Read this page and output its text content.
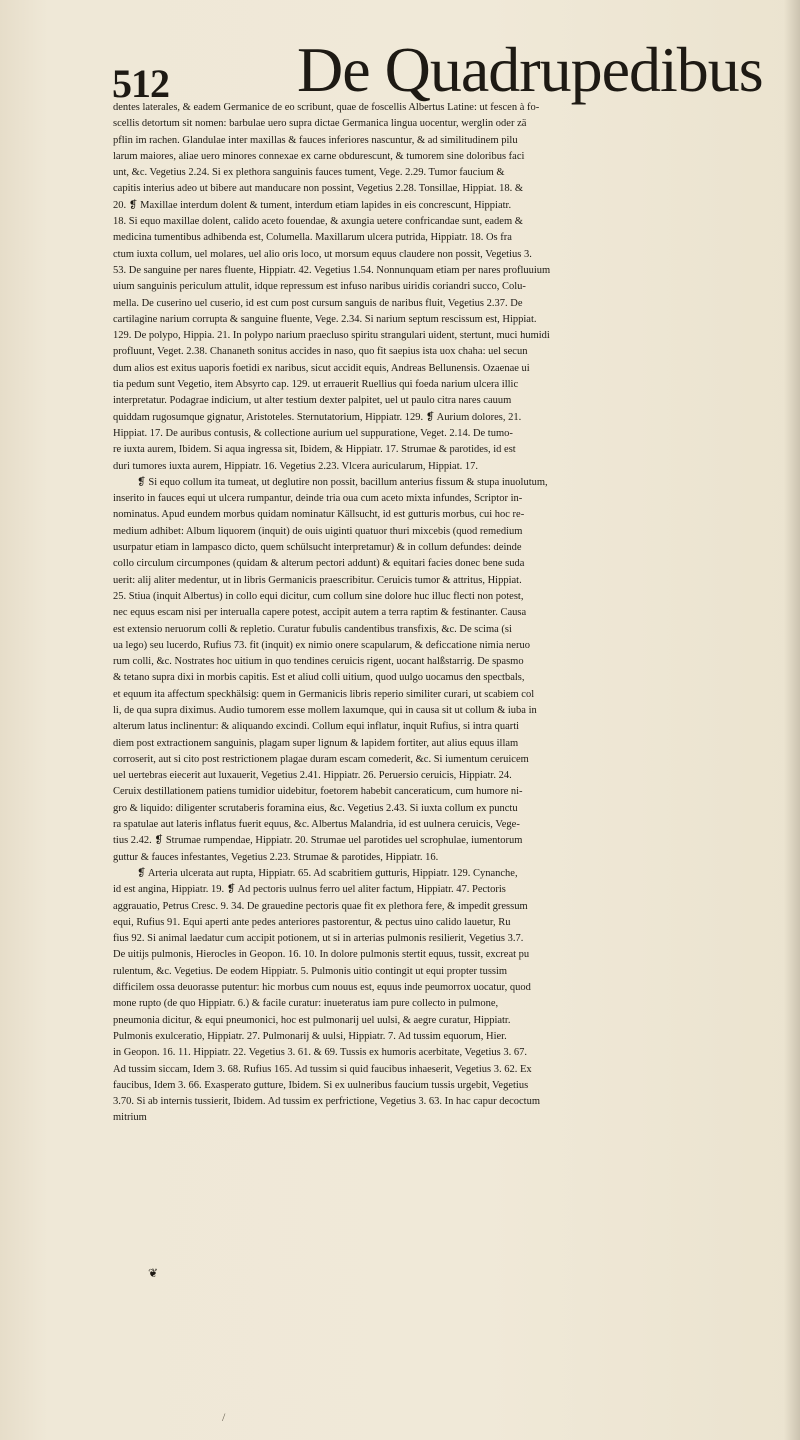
512 De Quadrupedibus
dentes laterales, & eadem Germanice de eo scribunt, quae de foscellis Albertus Latine: ut fescen à fo-
scellis detortum sit nomen: barbulae uero supra dictae Germanica lingua uocentur, werglin oder zä
pflin im rachen. Glandulae inter maxillas & fauces inferiores nascuntur, & ad similitudinem pilu
larum maiores, aliae uero minores connexae ex carne obdurescunt, & tumorem sine doloribus faci
unt, &c. Vegetius 2.24. Si ex plethora sanguinis fauces tument, Vege. 2.29. Tumor faucium &
capitis interius adeo ut bibere aut manducare non possint, Vegetius 2.28. Tonsillae, Hippiat. 18. &
20. ❡ Maxillae interdum dolent & tument, interdum etiam lapides in eis concrescunt, Hippiatr.
18. Si equo maxillae dolent, calido aceto fouendae, & axungia uetere confricandae sunt, eadem &
medicina tumentibus adhibenda est, Columella. Maxillarum ulcera putrida, Hippiatr. 18. Os fra
ctum iuxta collum, uel molares, uel alio oris loco, ut morsum equus claudere non possit, Vegetius 3.
53. De sanguine per nares fluente, Hippiatr. 42. Vegetius 1.54. Nonnunquam etiam per nares profluuium
uium sanguinis periculum attulit, idque repressum est infuso naribus uiridis coriandri succo, Colu-
mella. De cuserino uel cuserio, id est cum post cursum sanguis de naribus fluit, Vegetius 2.37. De
cartilagine narium corrupta & sanguine fluente, Vege. 2.34. Si narium septum rescissum est, Hippiat.
129. De polypo, Hippia. 21. In polypo narium praecluso spiritu strangulari uident, stertunt, muci humidi
profluunt, Veget. 2.38. Chananeth sonitus accides in naso, quo fit saepius ista uox chaha: uel secun
dum alios est exitus uaporis foetidi ex naribus, sicut accidit equis, Andreas Bellunensis. Ozaenae ui
tia pedum sunt Vegetio, item Absyrto cap. 129. ut errauerit Ruellius qui foeda narium ulcera illic
interpretatur. Podagrae indicium, ut alter testium dexter palpitet, uel ut paulo citra nares cauum
quiddam rugosumque gignatur, Aristoteles. Sternutatorium, Hippiatr. 129. ❡ Aurium dolores, 21.
Hippiat. 17. De auribus contusis, & collectione aurium uel suppuratione, Veget. 2.14. De tumo-
re iuxta aurem, Ibidem. Si aqua ingressa sit, Ibidem, & Hippiatr. 17. Strumae & parotides, id est
duri tumores iuxta aurem, Hippiatr. 16. Vegetius 2.23. Vlcera auricularum, Hippiat. 17.
❡ Si equo collum ita tumeat, ut deglutire non possit, bacillum anterius fissum & stupa inuolutum,
inserito in fauces equi ut ulcera rumpantur, deinde tria oua cum aceto mixta infundes, Scriptor in-
nominatus. Apud eundem morbus quidam nominatur Källsucht, id est gutturis morbus, cui hoc re-
medium adhibet: Album liquorem (inquit) de ouis uiginti quatuor thuri mixcebis (quod remedium
usurpatur etiam in lampasco dicto, quem schülsucht interpretamur) & in collum defundes: deinde
collo circulum circumpones (quidam & alterum pectori addunt) & equitari facies donec bene suda
uerit: alij aliter medentur, ut in libris Germanicis praescribitur. Ceruicis tumor & attritus, Hippiat.
25. Stiua (inquit Albertus) in collo equi dicitur, cum collum sine dolore huc illuc flecti non potest,
nec equus escam nisi per interualla capere potest, accipit autem a terra raptim & festinanter. Causa
est extensio neruorum colli & repletio. Curatur fubulis candentibus transfixis, &c. De scima (si
ua lego) seu lucerdo, Rufius 73. fit (inquit) ex nimio onere scapularum, & deficcatione nimia neruo
rum colli, &c. Nostrates hoc uitium in quo tendines ceruicis rigent, uocant halßstarrig. De spasmo
& tetano supra dixi in morbis capitis. Est et aliud colli uitium, quod uulgo uocamus den spectbals,
et equum ita affectum speckhälsig: quem in Germanicis libris reperio similiter curari, ut scabiem col
li, de qua supra diximus. Audio tumorem esse mollem laxumque, qui in causa sit ut collum & iuba in
alterum latus inclinentur: & aliquando excindi. Collum equi inflatur, inquit Rufius, si intra quarti
diem post extractionem sanguinis, plagam super lignum & lapidem fortiter, aut alius equus illam
corroserit, aut si cito post restrictionem plagae duram escam comederit, &c. Si iumentum ceruicem
uel uertebras eiecerit aut luxauerit, Vegetius 2.41. Hippiatr. 26. Peruersio ceruicis, Hippiatr. 24.
Ceruix destillationem patiens tumidior uidebitur, foetorem habebit canceraticum, cum humore ni-
gro & liquido: diligenter scrutaberis foramina eius, &c. Vegetius 2.43. Si iuxta collum ex punctu
ra spatulae aut lateris inflatus fuerit equus, &c. Albertus Malandria, id est uulnera ceruicis, Vege-
tius 2.42. ❡ Strumae rumpendae, Hippiatr. 20. Strumae uel parotides uel scrophulae, iumentorum
guttur & fauces infestantes, Vegetius 2.23. Strumae & parotides, Hippiatr. 16.
❡ Arteria ulcerata aut rupta, Hippiatr. 65. Ad scabritiem gutturis, Hippiatr. 129. Cynanche,
id est angina, Hippiatr. 19. ❡ Ad pectoris uulnus ferro uel aliter factum, Hippiatr. 47. Pectoris
aggrauatio, Petrus Cresc. 9. 34. De grauedine pectoris quae fit ex plethora fere, & impedit gressum
equi, Rufius 91. Equi aperti ante pedes anteriores pastorentur, & pectus uino calido lauetur, Ru
fius 92. Si animal laedatur cum accipit potionem, ut si in arterias pulmonis resilierit, Vegetius 3.7.
De uitijs pulmonis, Hierocles in Geopon. 16. 10. In dolore pulmonis stertit equus, tussit, excreat pu
rulentum, &c. Vegetius. De eodem Hippiatr. 5. Pulmonis uitio contingit ut equi propter tussim
difficilem ossa deuorasse putentur: hic morbus cum nouus est, equus inde peumorrox uocatur, quod
mone rupto (de quo Hippiatr. 6.) & facile curatur: inueteratus iam pure collecto in pulmone,
pneumonia dicitur, & equi pneumonici, hoc est pulmonarij uel uulsi, & aegre curatur, Hippiatr.
Pulmonis exulceratio, Hippiatr. 27. Pulmonarij & uulsi, Hippiatr. 7. Ad tussim equorum, Hier.
in Geopon. 16. 11. Hippiatr. 22. Vegetius 3. 61. & 69. Tussis ex humoris acerbitate, Vegetius 3. 67.
Ad tussim siccam, Idem 3. 68. Rufius 165. Ad tussim si quid faucibus inhaeserit, Vegetius 3. 62. Ex
faucibus, Idem 3. 66. Exasperato gutture, Ibidem. Si ex uulneribus faucium tussis urgebit, Vegetius
3.70. Si ab internis tussierit, Ibidem. Ad tussim ex perfrictione, Vegetius 3. 63. In hac capur decoctum
mitrium
❦
/
